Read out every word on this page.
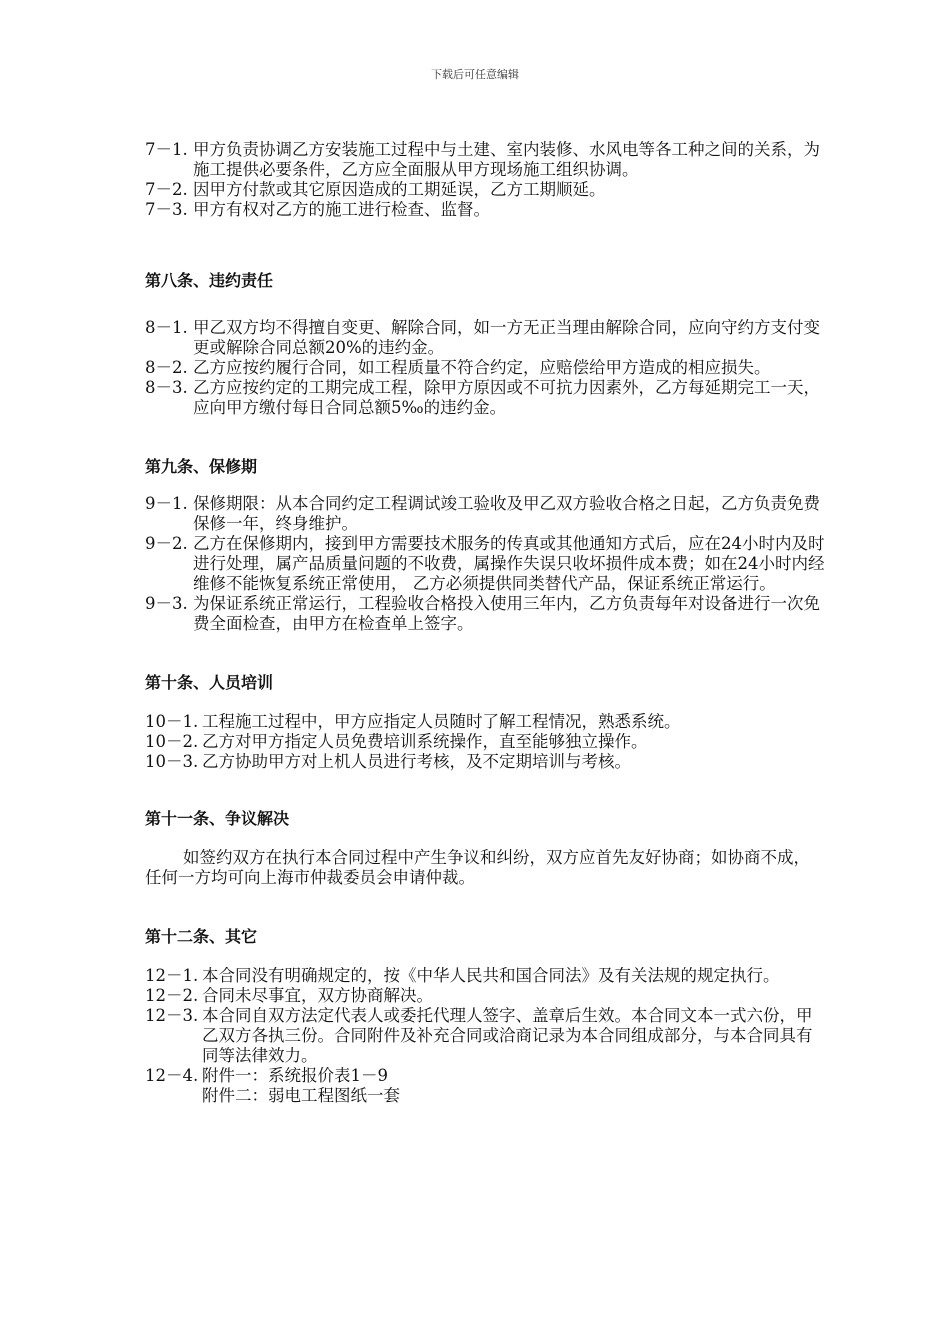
下载后可任意编辑
7－1. 甲方负责协调乙方安装施工过程中与土建、室内装修、水风电等各工种之间的关系，为施工提供必要条件，乙方应全面服从甲方现场施工组织协调。
7－2. 因甲方付款或其它原因造成的工期延误，乙方工期顺延。
7－3. 甲方有权对乙方的施工进行检查、监督。
第八条、违约责任
8－1. 甲乙双方均不得擅自变更、解除合同，如一方无正当理由解除合同，应向守约方支付变更或解除合同总额20%的违约金。
8－2. 乙方应按约履行合同，如工程质量不符合约定，应赔偿给甲方造成的相应损失。
8－3. 乙方应按约定的工期完成工程，除甲方原因或不可抗力因素外，乙方每延期完工一天，应向甲方缴付每日合同总额5‰的违约金。
第九条、保修期
9－1. 保修期限：从本合同约定工程调试竣工验收及甲乙双方验收合格之日起，乙方负责免费保修一年，终身维护。
9－2. 乙方在保修期内，接到甲方需要技术服务的传真或其他通知方式后，应在24小时内及时进行处理，属产品质量问题的不收费，属操作失误只收坏损件成本费；如在24小时内经维修不能恢复系统正常使用， 乙方必须提供同类替代产品，保证系统正常运行。
9－3. 为保证系统正常运行，工程验收合格投入使用三年内，乙方负责每年对设备进行一次免费全面检查，由甲方在检查单上签字。
第十条、人员培训
10－1. 工程施工过程中，甲方应指定人员随时了解工程情况，熟悉系统。
10－2. 乙方对甲方指定人员免费培训系统操作，直至能够独立操作。
10－3. 乙方协助甲方对上机人员进行考核，及不定期培训与考核。
第十一条、争议解决

如签约双方在执行本合同过程中产生争议和纠纷，双方应首先友好协商；如协商不成，任何一方均可向上海市仲裁委员会申请仲裁。

第十二条、其它
12－1. 本合同没有明确规定的，按《中华人民共和国合同法》及有关法规的规定执行。
12－2. 合同未尽事宜，双方协商解决。
12－3. 本合同自双方法定代表人或委托代理人签字、盖章后生效。本合同文本一式六份，甲乙双方各执三份。合同附件及补充合同或洽商记录为本合同组成部分，与本合同具有同等法律效力。
12－4. 附件一：系统报价表1－9
附件二：弱电工程图纸一套
